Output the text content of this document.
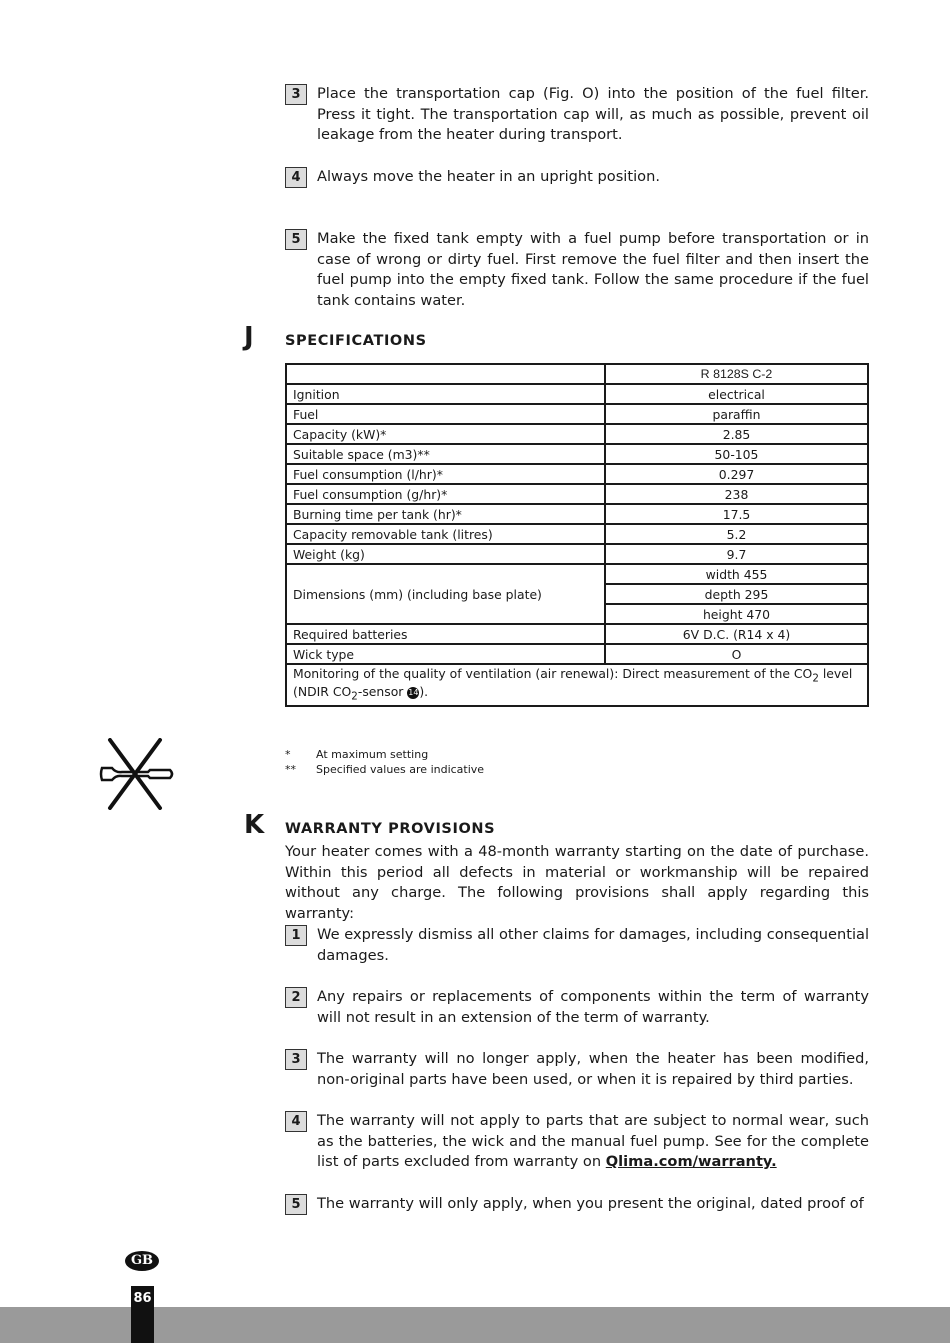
3	Place the transportation cap (Fig. O) into the position of the fuel filter. Press it tight. The transportation cap will, as much as possible, prevent oil leakage from the heater during transport.
4	Always move the heater in an upright position.
5	Make the fixed tank empty with a fuel pump before transportation or in case of wrong or dirty fuel. First remove the fuel filter and then insert the fuel pump into the empty fixed tank. Follow the same procedure if the fuel tank contains water.
J SPECIFICATIONS
	R 8128S C-2
Ignition	electrical
Fuel	paraffin
Capacity (kW)*	2.85
Suitable space (m3)**	50-105
Fuel consumption (l/hr)*	0.297
Fuel consumption (g/hr)*	238
Burning time per tank (hr)*	17.5
Capacity removable tank (litres)	5.2
Weight (kg)	9.7
Dimensions (mm) (including base plate)	width 455
	depth 295
	height 470
Required batteries	6V D.C. (R14 x 4)
Wick type	O
Monitoring of the quality of ventilation (air renewal): Direct measurement of the $CO_2$ level
(NDIR $CO_2$-sensor 14).	
*	At maximum setting
**	Specified values are indicative
K WARRANTY PROVISIONS
Your heater comes with a 48-month warranty starting on the date of purchase. Within this period all defects in material or workmanship will be repaired without any charge. The following provisions shall apply regarding this warranty:
1	We expressly dismiss all other claims for damages, including consequential damages.
2	Any repairs or replacements of components within the term of warranty will not result in an extension of the term of warranty.
3	The warranty will no longer apply, when the heater has been modified, non-original parts have been used, or when it is repaired by third parties.
4	The warranty will not apply to parts that are subject to normal wear, such as the batteries, the wick and the manual fuel pump. See for the complete list of parts excluded from warranty on Qlima.com/warranty.
5	The warranty will only apply, when you present the original, dated proof of
GB
86
